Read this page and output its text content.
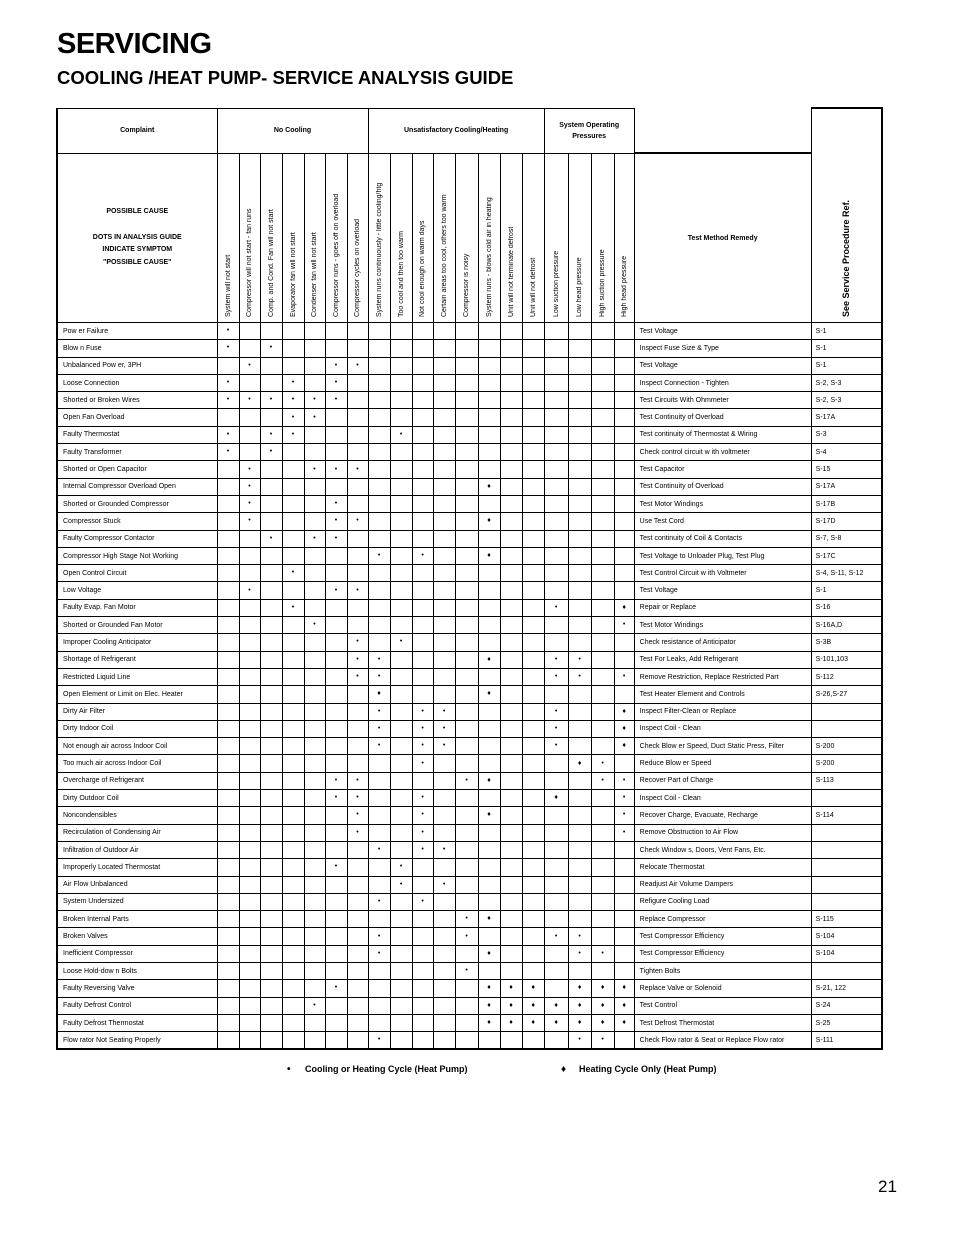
SERVICING
COOLING /HEAT PUMP- SERVICE ANALYSIS GUIDE
Complaint	No Cooling							Unsatisfactory Cooling/Heating								System Operating Pressures					

POSSIBLE CAUSE
DOTS IN ANALYSIS GUIDE
INDICATE SYMPTOM
"POSSIBLE CAUSE"	System will not start	Compressor will not start - fan runs	Comp. and Cond. Fan will not start	Evaporator fan will not start	Condenser fan will not start	Compressor runs - goes off on overload	Compressor cycles on overload	System runs continuously - little cooling/htg	Too cool and then too warm	Not cool enough on warm days	Certain areas too cool, others too warm	Compressor is noisy	System runs - blows cold air in heating	Unit will not terminate defrost	Unit will not defrost	Low suction pressure	Low head pressure	High suction pressure	High head pressure	Test Method Remedy	See Service Procedure Ref.

Pow er Failure	•																			Test Voltage	S-1
Blow n Fuse	•		•																	Inspect Fuse Size & Type	S-1
Unbalanced Pow er, 3PH		•				•	•													Test Voltage	S-1
Loose Connection	•			•		•														Inspect Connection - Tighten	S-2, S-3
Shorted or Broken Wires	•	•	•	•	•	•														Test Circuits With Ohmmeter	S-2, S-3
Open Fan Overload				•	•															Test Continuity of Overload	S-17A
Faulty Thermostat	•		•	•					•											Test continuity of Thermostat & Wiring	S-3
Faulty Transformer	•		•																	Check control circuit w ith voltmeter	S-4
Shorted or Open Capacitor		•			•	•	•													Test Capacitor	S-15
Internal Compressor Overload Open		•											♦							Test Continuity of Overload	S-17A
Shorted or Grounded Compressor		•				•														Test Motor Windings	S-17B
Compressor Stuck		•				•	•						♦							Use Test Cord	S-17D
Faulty Compressor Contactor			•		•	•														Test continuity of Coil & Contacts	S-7, S-8
Compressor High Stage Not Working								•		•			♦							Test Voltage to Unloader Plug, Test Plug	S-17C
Open Control Circuit				•																Test Control Circuit w ith Voltmeter	S-4, S-11, S-12
Low Voltage		•				•	•													Test Voltage	S-1
Faulty Evap. Fan Motor				•												•			♦	Repair or Replace	S-16
Shorted or Grounded Fan Motor					•														•	Test Motor Windings	S-16A,D
Improper Cooling Anticipator							•		•											Check resistance of Anticipator	S-3B
Shortage of Refrigerant							•	•					♦			•	•			Test For Leaks, Add Refrigerant	S-101,103
Restricted Liquid Line							•	•								•	•		•	Remove Restriction, Replace Restricted Part	S-112
Open Element or Limit on Elec. Heater								♦					♦							Test Heater Element and Controls	S-26,S-27
Dirty Air Filter								•		•	•					•			♦	Inspect Filter-Clean or Replace	
Dirty Indoor Coil								•		•	•					•			♦	Inspect Coil - Clean	
Not enough air across Indoor Coil								•		•	•					•			♦	Check Blow er Speed, Duct Static Press, Filter	S-200
Too much air across Indoor Coil										•							♦	•		Reduce Blow er Speed	S-200
Overcharge of Refrigerant						•	•					•	♦					•	•	Recover Part of Charge	S-113
Dirty Outdoor Coil						•	•			•						♦			•	Inspect Coil - Clean	
Noncondensibles							•			•			♦						•	Recover Charge, Evacuate, Recharge	S-114
Recirculation of Condensing Air							•			•									•	Remove Obstruction to Air Flow	
Infiltration of Outdoor Air								•		•	•									Check Window s, Doors, Vent Fans, Etc.	
Improperly Located Thermostat						•			•											Relocate Thermostat	
Air Flow Unbalanced									•		•									Readjust Air Volume Dampers	
System Undersized								•		•										Refigure Cooling Load	
Broken Internal Parts												•	♦							Replace Compressor	S-115
Broken Valves								•				•				•	•			Test Compressor Efficiency	S-104
Inefficient Compressor								•					♦				•	•		Test Compressor Efficiency	S-104
Loose Hold-dow n Bolts												•								Tighten Bolts	
Faulty Reversing Valve						•							♦	♦	♦		♦	♦	♦	Replace Valve or Solenoid	S-21, 122
Faulty Defrost Control					•								♦	♦	♦	♦	♦	♦	♦	Test Control	S-24
Faulty Defrost Thermostat													♦	♦	♦	♦	♦	♦	♦	Test Defrost Thermostat	S-25
Flow rator Not Seating Properly								•									•	•		Check Flow rator & Seat or Replace Flow rator	S-111
• Cooling or Heating Cycle (Heat Pump)	♦ Heating Cycle Only (Heat Pump)
21
